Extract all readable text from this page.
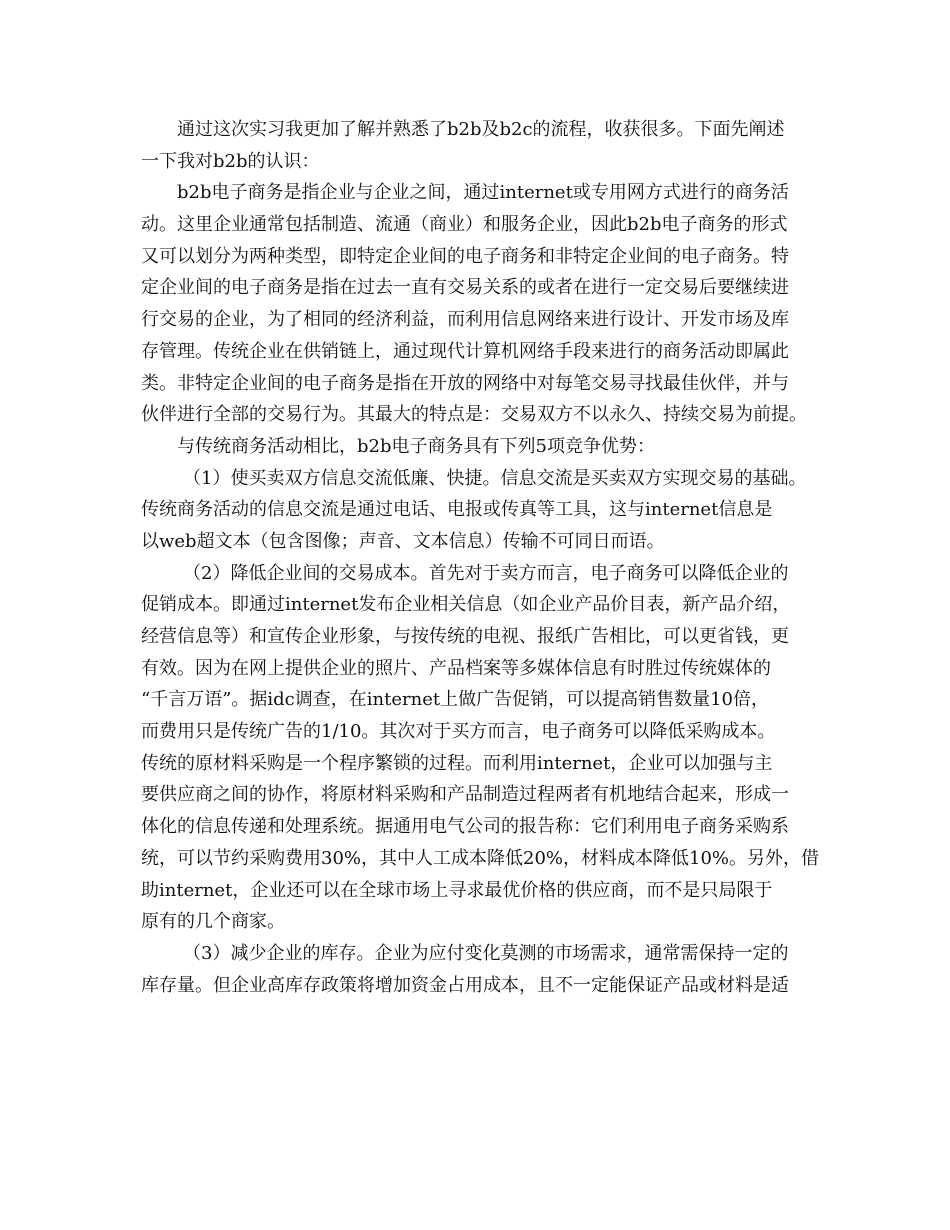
通过这次实习我更加了解并熟悉了b2b及b2c的流程，收获很多。下面先阐述
一下我对b2b的认识：
b2b电子商务是指企业与企业之间，通过internet或专用网方式进行的商务活
动。这里企业通常包括制造、流通（商业）和服务企业，因此b2b电子商务的形式
又可以划分为两种类型，即特定企业间的电子商务和非特定企业间的电子商务。特
定企业间的电子商务是指在过去一直有交易关系的或者在进行一定交易后要继续进
行交易的企业，为了相同的经济利益，而利用信息网络来进行设计、开发市场及库
存管理。传统企业在供销链上，通过现代计算机网络手段来进行的商务活动即属此
类。非特定企业间的电子商务是指在开放的网络中对每笔交易寻找最佳伙伴，并与
伙伴进行全部的交易行为。其最大的特点是：交易双方不以永久、持续交易为前提。
与传统商务活动相比，b2b电子商务具有下列5项竞争优势：
（1）使买卖双方信息交流低廉、快捷。信息交流是买卖双方实现交易的基础。
传统商务活动的信息交流是通过电话、电报或传真等工具，这与internet信息是
以web超文本（包含图像；声音、文本信息）传输不可同日而语。
（2）降低企业间的交易成本。首先对于卖方而言，电子商务可以降低企业的
促销成本。即通过internet发布企业相关信息（如企业产品价目表，新产品介绍，
经营信息等）和宣传企业形象，与按传统的电视、报纸广告相比，可以更省钱，更
有效。因为在网上提供企业的照片、产品档案等多媒体信息有时胜过传统媒体的
“千言万语”。据idc调查，在internet上做广告促销，可以提高销售数量10倍，
而费用只是传统广告的1/10。其次对于买方而言，电子商务可以降低采购成本。
传统的原材料采购是一个程序繁锁的过程。而利用internet，企业可以加强与主
要供应商之间的协作，将原材料采购和产品制造过程两者有机地结合起来，形成一
体化的信息传递和处理系统。据通用电气公司的报告称：它们利用电子商务采购系
统，可以节约采购费用30%，其中人工成本降低20%，材料成本降低10%。另外，借
助internet，企业还可以在全球市场上寻求最优价格的供应商，而不是只局限于
原有的几个商家。
（3）减少企业的库存。企业为应付变化莫测的市场需求，通常需保持一定的
库存量。但企业高库存政策将增加资金占用成本，且不一定能保证产品或材料是适
